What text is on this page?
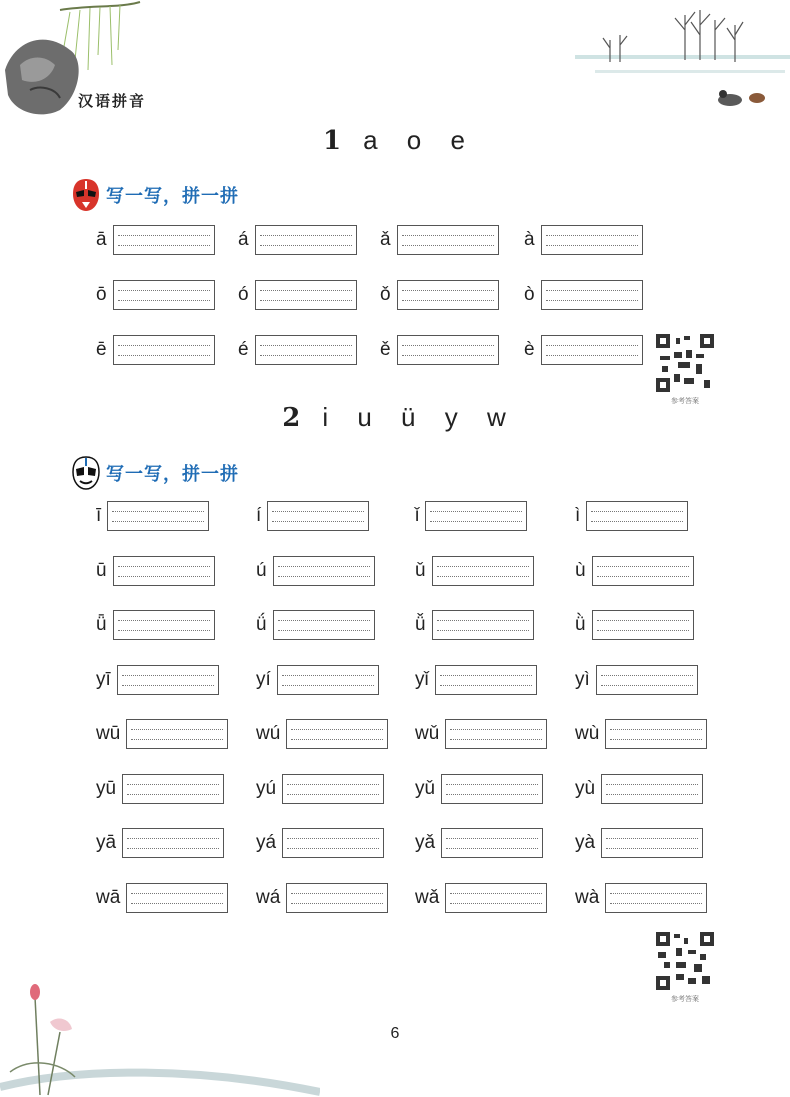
汉语拼音
1 a o e
写一写，拼一拼
ā	á	ǎ	à
ō	ó	ǒ	ò
ē	é	ě	è
参考答案
2 i u ü y w
写一写，拼一拼
ī	í	ǐ	ì
ū	ú	ǔ	ù
ǖ	ǘ	ǚ	ǜ
yī	yí	yǐ	yì
wū	wú	wǔ	wù
yū	yú	yǔ	yù
yā	yá	yǎ	yà
wā	wá	wǎ	wà
参考答案
6
